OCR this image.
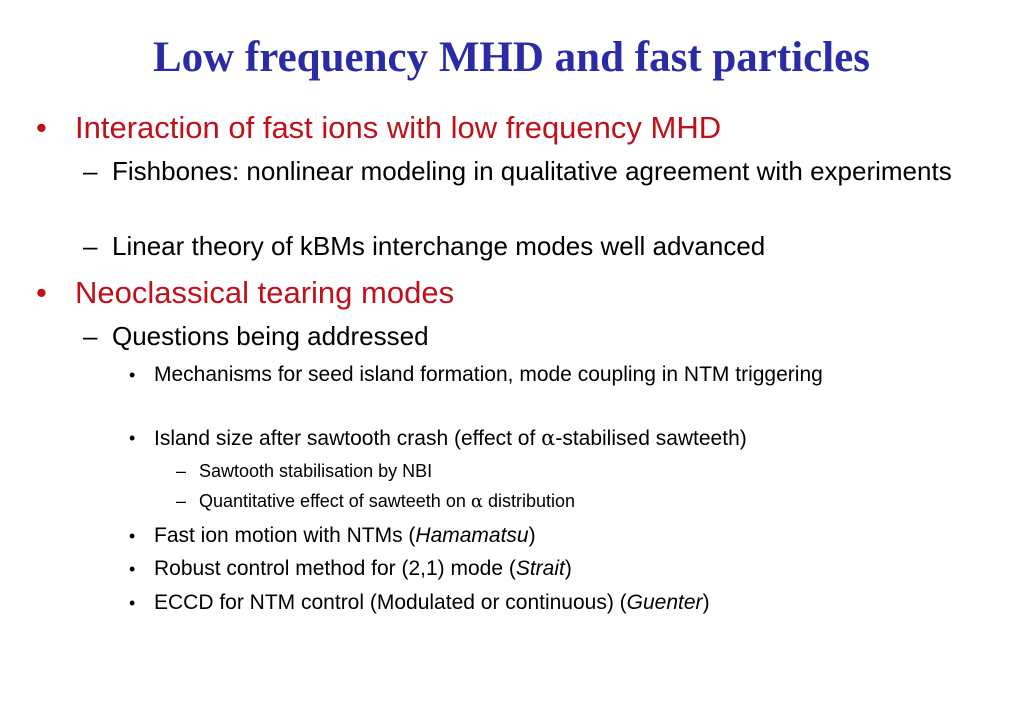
Low frequency MHD and fast particles
• Interaction of fast ions with low frequency MHD
– Fishbones: nonlinear modeling in qualitative agreement with experiments
– Linear theory of kBMs interchange modes well advanced
• Neoclassical tearing modes
– Questions being addressed
• Mechanisms for seed island formation, mode coupling in NTM triggering
• Island size after sawtooth crash (effect of α-stabilised sawteeth)
– Sawtooth stabilisation by NBI
– Quantitative effect of sawteeth on α distribution
• Fast ion motion with NTMs (Hamamatsu)
• Robust control method for (2,1) mode (Strait)
• ECCD for NTM control (Modulated or continuous) (Guenter)
